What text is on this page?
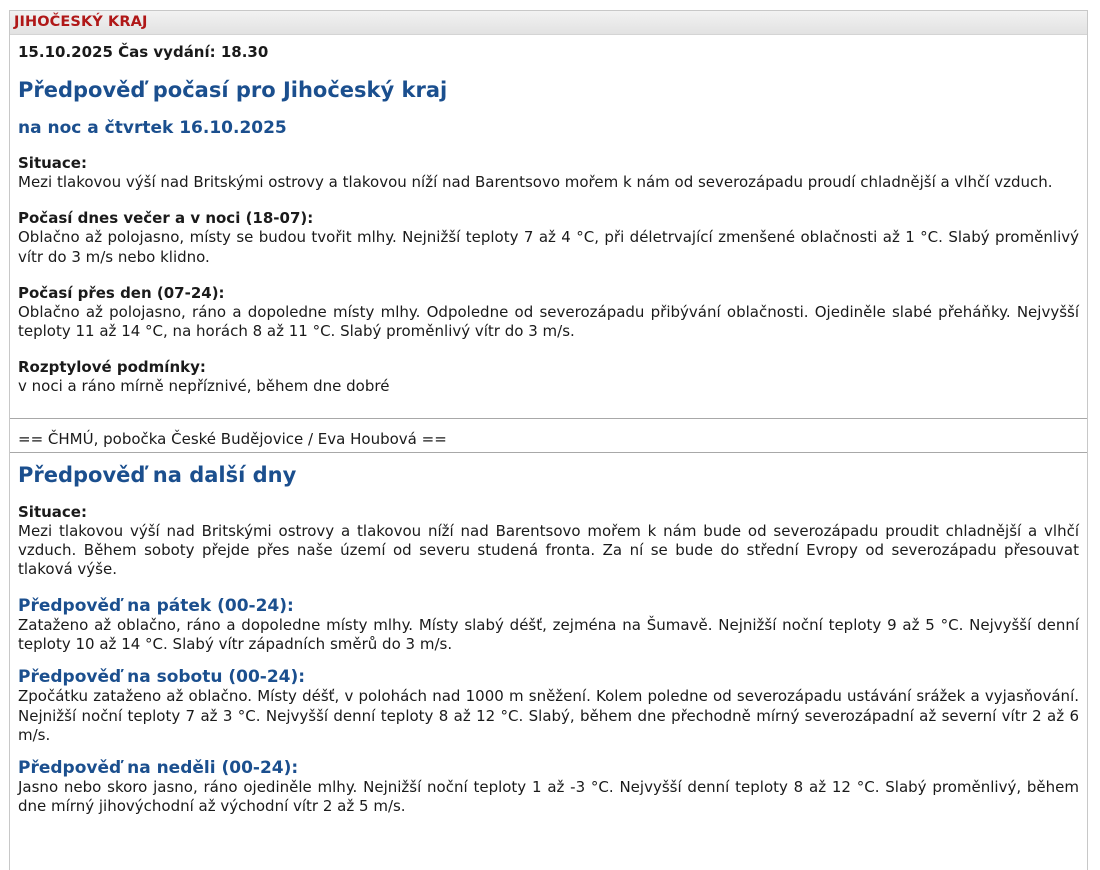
JIHOČESKÝ KRAJ
15.10.2025 Čas vydání: 18.30
Předpověď počasí pro Jihočeský kraj
na noc a čtvrtek 16.10.2025
Situace:
Mezi tlakovou výší nad Britskými ostrovy a tlakovou níží nad Barentsovo mořem k nám od severozápadu proudí chladnější a vlhčí vzduch.
Počasí dnes večer a v noci (18-07):
Oblačno až polojasno, místy se budou tvořit mlhy. Nejnižší teploty 7 až 4 °C, při déletrvající zmenšené oblačnosti až 1 °C. Slabý proměnlivý vítr do 3 m/s nebo klidno.
Počasí přes den (07-24):
Oblačno až polojasno, ráno a dopoledne místy mlhy. Odpoledne od severozápadu přibývání oblačnosti. Ojediněle slabé přeháňky. Nejvyšší teploty 11 až 14 °C, na horách 8 až 11 °C. Slabý proměnlivý vítr do 3 m/s.
Rozptylové podmínky:
v noci a ráno mírně nepříznivé, během dne dobré
== ČHMÚ, pobočka České Budějovice / Eva Houbová ==
Předpověď na další dny
Situace:
Mezi tlakovou výší nad Britskými ostrovy a tlakovou níží nad Barentsovo mořem k nám bude od severozápadu proudit chladnější a vlhčí vzduch. Během soboty přejde přes naše území od severu studená fronta. Za ní se bude do střední Evropy od severozápadu přesouvat tlaková výše.
Předpověď na pátek (00-24):
Zataženo až oblačno, ráno a dopoledne místy mlhy. Místy slabý déšť, zejména na Šumavě. Nejnižší noční teploty 9 až 5 °C. Nejvyšší denní teploty 10 až 14 °C. Slabý vítr západních směrů do 3 m/s.
Předpověď na sobotu (00-24):
Zpočátku zataženo až oblačno. Místy déšť, v polohách nad 1000 m sněžení. Kolem poledne od severozápadu ustávání srážek a vyjasňování. Nejnižší noční teploty 7 až 3 °C. Nejvyšší denní teploty 8 až 12 °C. Slabý, během dne přechodně mírný severozápadní až severní vítr 2 až 6 m/s.
Předpověď na neděli (00-24):
Jasno nebo skoro jasno, ráno ojediněle mlhy. Nejnižší noční teploty 1 až -3 °C. Nejvyšší denní teploty 8 až 12 °C. Slabý proměnlivý, během dne mírný jihovýchodní až východní vítr 2 až 5 m/s.
